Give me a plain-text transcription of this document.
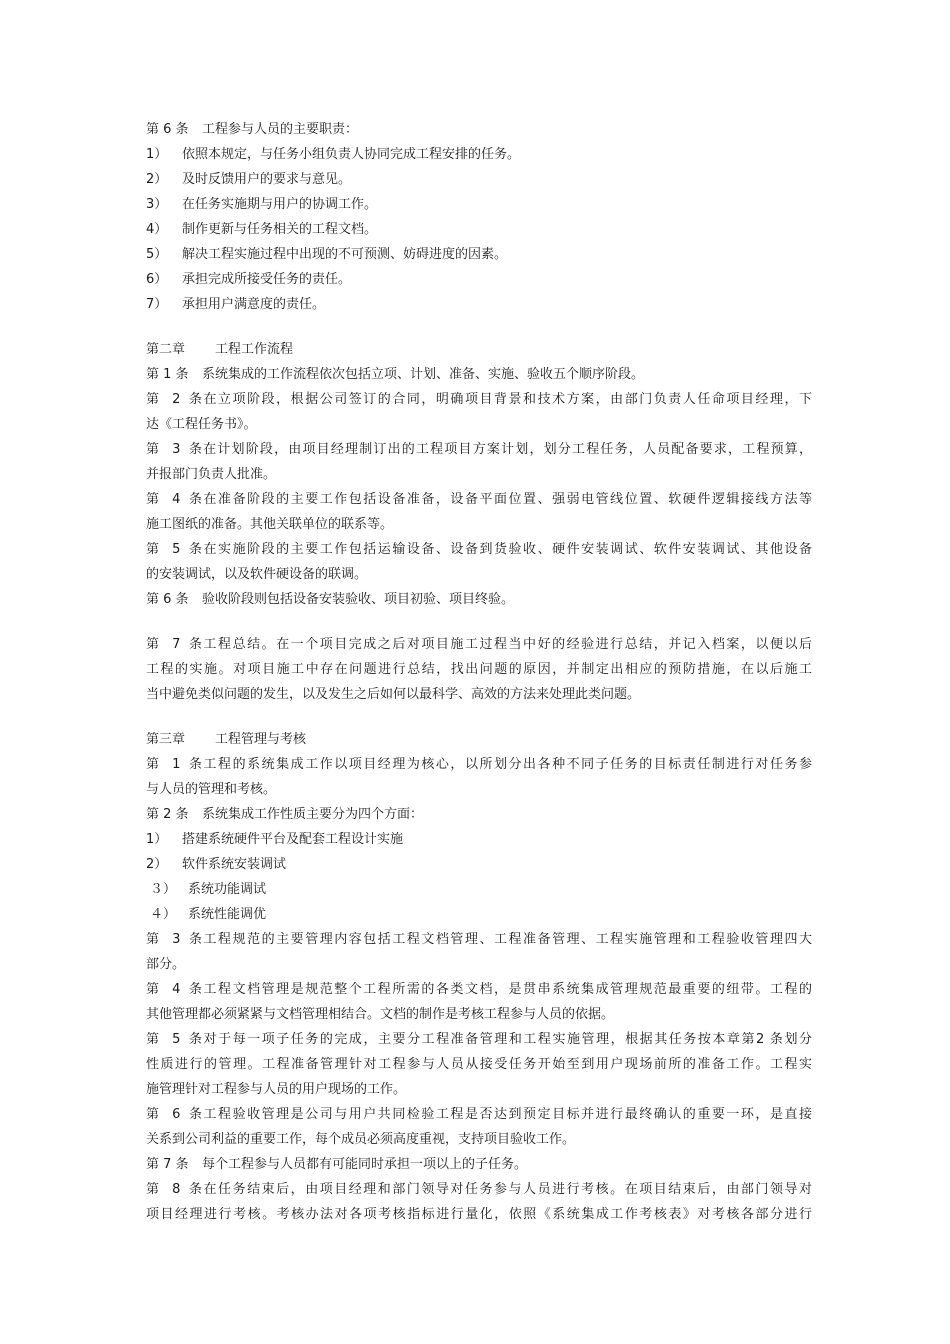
第 6 条 工程参与人员的主要职责：
1） 依照本规定，与任务小组负责人协同完成工程安排的任务。
2） 及时反馈用户的要求与意见。
3） 在任务实施期与用户的协调工作。
4） 制作更新与任务相关的工程文档。
5） 解决工程实施过程中出现的不可预测、妨碍进度的因素。
6） 承担完成所接受任务的责任。
7） 承担用户满意度的责任。
第二章 工程工作流程
第 1 条 系统集成的工作流程依次包括立项、计划、准备、实施、验收五个顺序阶段。
第 2 条在立项阶段，根据公司签订的合同，明确项目背景和技术方案，由部门负责人任命项目经理，下
达《工程任务书》。
第 3 条在计划阶段，由项目经理制订出的工程项目方案计划，划分工程任务，人员配备要求，工程预算，
并报部门负责人批准。
第 4 条在准备阶段的主要工作包括设备准备，设备平面位置、强弱电管线位置、软硬件逻辑接线方法等
施工图纸的准备。其他关联单位的联系等。
第 5 条在实施阶段的主要工作包括运输设备、设备到货验收、硬件安装调试、软件安装调试、其他设备
的安装调试，以及软件硬设备的联调。
第 6 条 验收阶段则包括设备安装验收、项目初验、项目终验。
第 7 条工程总结。在一个项目完成之后对项目施工过程当中好的经验进行总结，并记入档案，以便以后
工程的实施。对项目施工中存在问题进行总结，找出问题的原因，并制定出相应的预防措施，在以后施工
当中避免类似问题的发生，以及发生之后如何以最科学、高效的方法来处理此类问题。
第三章 工程管理与考核
第 1 条工程的系统集成工作以项目经理为核心，以所划分出各种不同子任务的目标责任制进行对任务参
与人员的管理和考核。
第 2 条 系统集成工作性质主要分为四个方面：
1） 搭建系统硬件平台及配套工程设计实施
2） 软件系统安装调试
３） 系统功能调试
４） 系统性能调优
第 3 条工程规范的主要管理内容包括工程文档管理、工程准备管理、工程实施管理和工程验收管理四大
部分。
第 4 条工程文档管理是规范整个工程所需的各类文档，是贯串系统集成管理规范最重要的纽带。工程的
其他管理都必须紧紧与文档管理相结合。文档的制作是考核工程参与人员的依据。
第 5 条对于每一项子任务的完成，主要分工程准备管理和工程实施管理，根据其任务按本章第2 条划分
性质进行的管理。工程准备管理针对工程参与人员从接受任务开始至到用户现场前所的准备工作。工程实
施管理针对工程参与人员的用户现场的工作。
第 6 条工程验收管理是公司与用户共同检验工程是否达到预定目标并进行最终确认的重要一环，是直接
关系到公司利益的重要工作，每个成员必须高度重视，支持项目验收工作。
第 7 条 每个工程参与人员都有可能同时承担一项以上的子任务。
第 8 条在任务结束后，由项目经理和部门领导对任务参与人员进行考核。在项目结束后，由部门领导对
项目经理进行考核。考核办法对各项考核指标进行量化，依照《系统集成工作考核表》对考核各部分进行
